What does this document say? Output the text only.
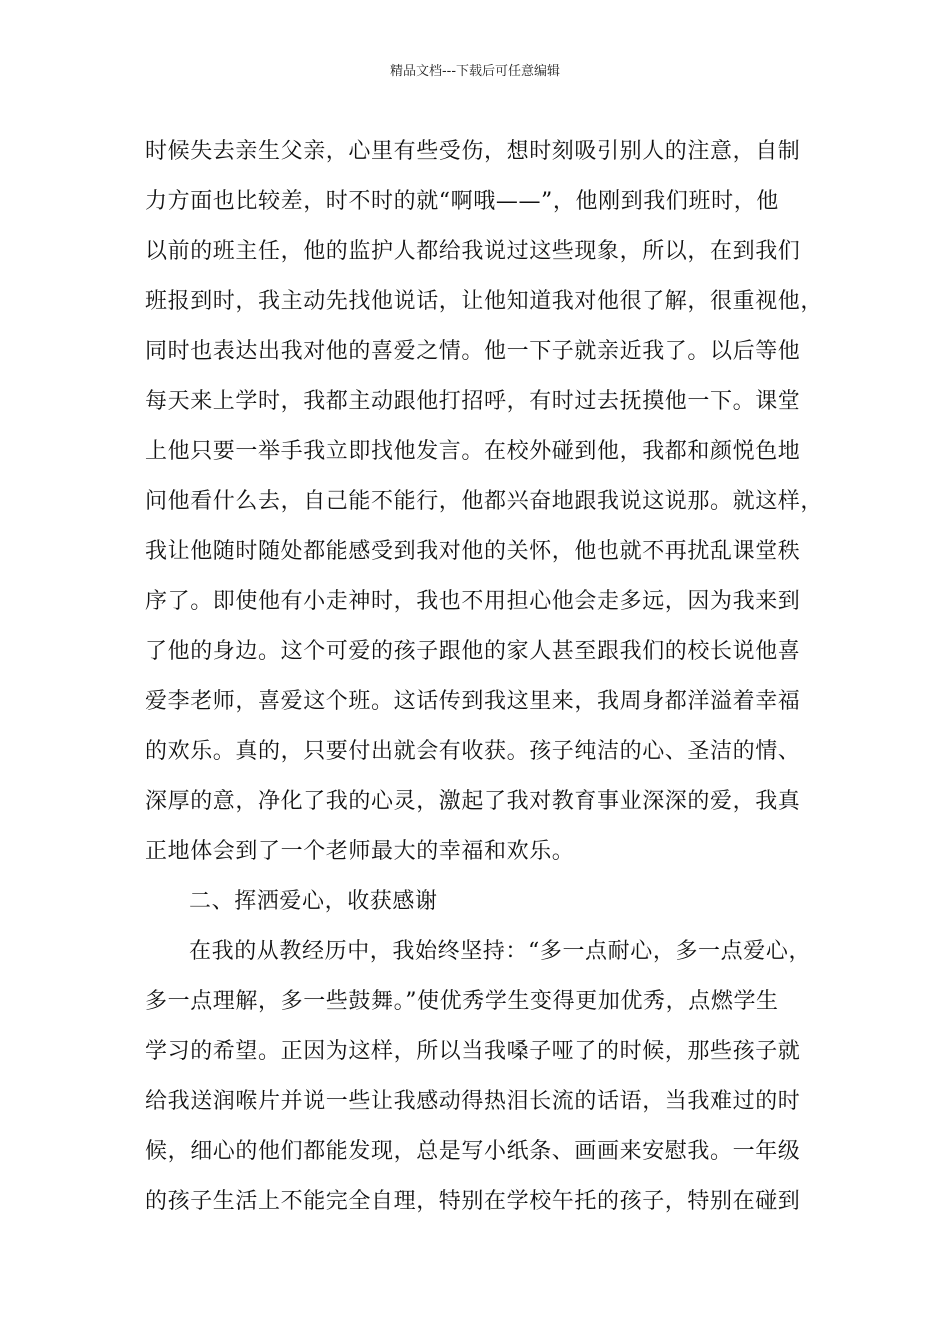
精品文档---下载后可任意编辑
时候失去亲生父亲，心里有些受伤，想时刻吸引别人的注意，自制
力方面也比较差，时不时的就“啊哦——”，他刚到我们班时，他
以前的班主任，他的监护人都给我说过这些现象，所以，在到我们
班报到时，我主动先找他说话，让他知道我对他很了解，很重视他，
同时也表达出我对他的喜爱之情。他一下子就亲近我了。以后等他
每天来上学时，我都主动跟他打招呼，有时过去抚摸他一下。课堂
上他只要一举手我立即找他发言。在校外碰到他，我都和颜悦色地
问他看什么去，自己能不能行，他都兴奋地跟我说这说那。就这样，
我让他随时随处都能感受到我对他的关怀，他也就不再扰乱课堂秩
序了。即使他有小走神时，我也不用担心他会走多远，因为我来到
了他的身边。这个可爱的孩子跟他的家人甚至跟我们的校长说他喜
爱李老师，喜爱这个班。这话传到我这里来，我周身都洋溢着幸福
的欢乐。真的，只要付出就会有收获。孩子纯洁的心、圣洁的情、
深厚的意，净化了我的心灵，激起了我对教育事业深深的爱，我真
正地体会到了一个老师最大的幸福和欢乐。
二、挥洒爱心，收获感谢
在我的从教经历中，我始终坚持：“多一点耐心，多一点爱心，
多一点理解，多一些鼓舞。”使优秀学生变得更加优秀，点燃学生
学习的希望。正因为这样，所以当我嗓子哑了的时候，那些孩子就
给我送润喉片并说一些让我感动得热泪长流的话语，当我难过的时
候，细心的他们都能发现，总是写小纸条、画画来安慰我。一年级
的孩子生活上不能完全自理，特别在学校午托的孩子，特别在碰到
